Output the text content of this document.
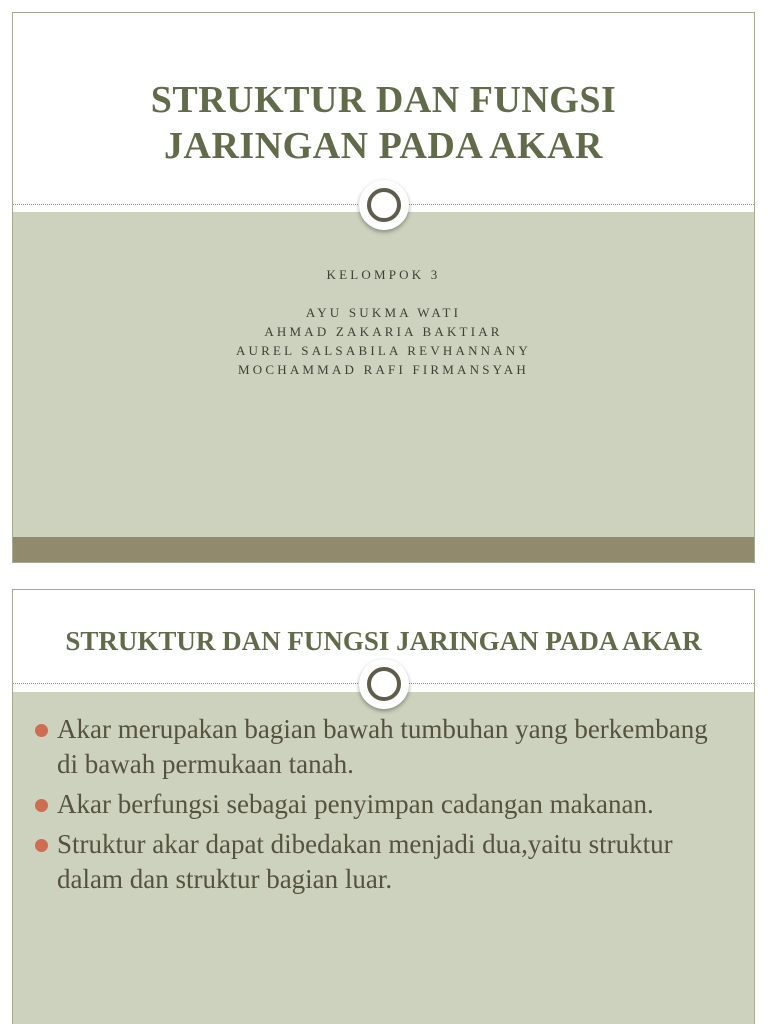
STRUKTUR DAN FUNGSI
JARINGAN PADA AKAR
KELOMPOK 3
AYU SUKMA WATI
AHMAD ZAKARIA BAKTIAR
AUREL SALSABILA REVHANNANY
MOCHAMMAD RAFI FIRMANSYAH
STRUKTUR DAN FUNGSI JARINGAN PADA AKAR
Akar merupakan bagian bawah tumbuhan yang berkembang di bawah permukaan tanah.
Akar berfungsi sebagai penyimpan cadangan makanan.
Struktur akar dapat dibedakan menjadi dua,yaitu struktur dalam dan struktur bagian luar.
